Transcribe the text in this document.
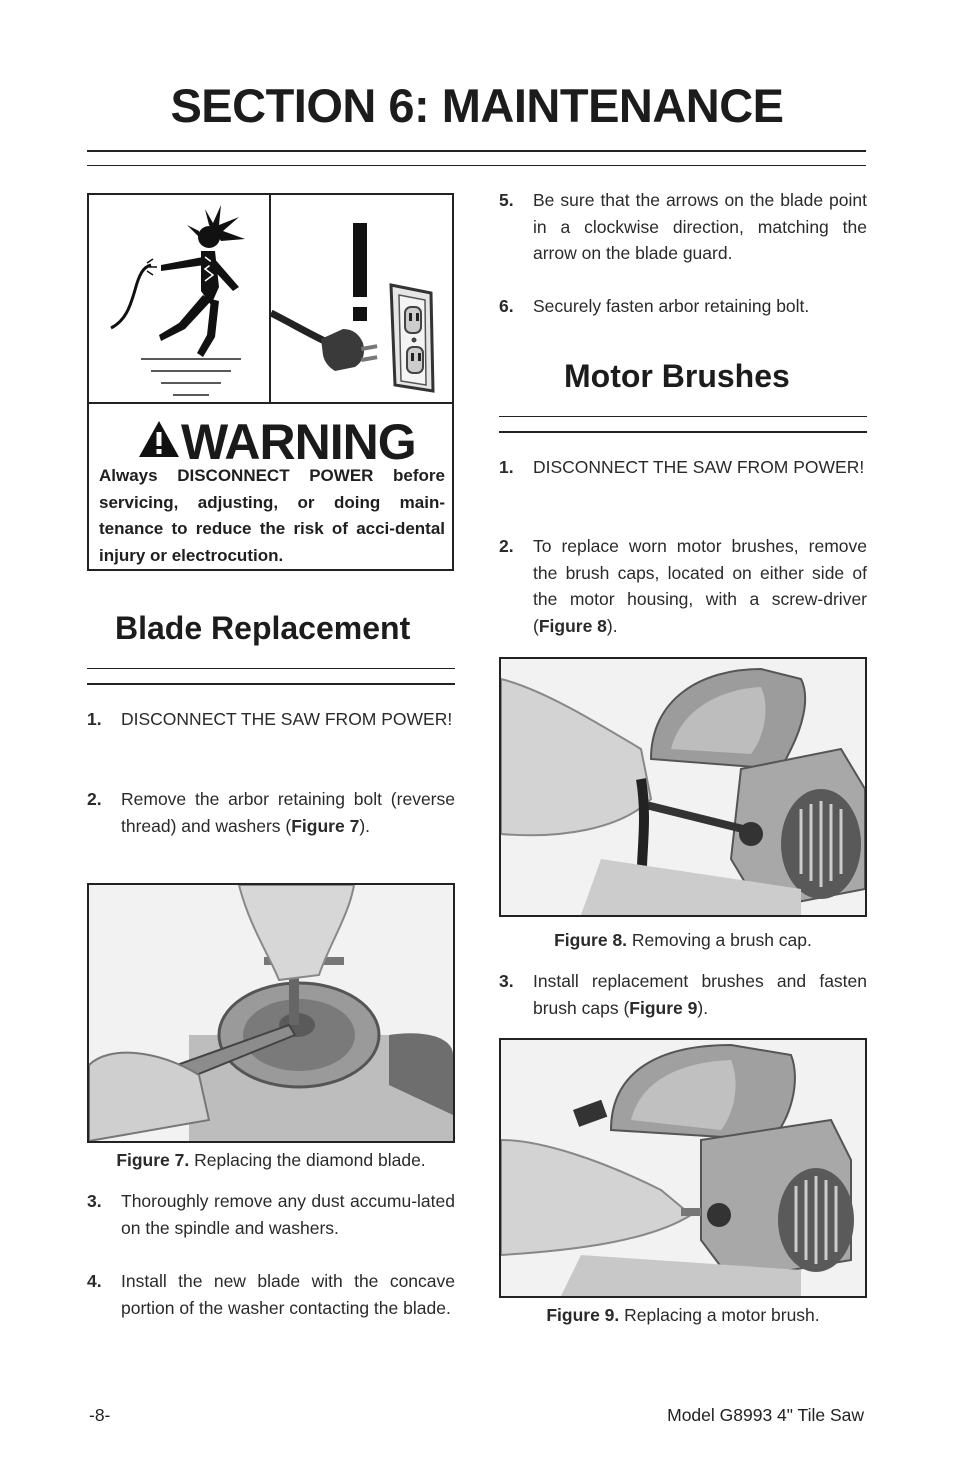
SECTION 6: MAINTENANCE
WARNING
Always DISCONNECT POWER before servicing, adjusting, or doing main-tenance to reduce the risk of acci-dental injury or electrocution.
Blade Replacement
1. DISCONNECT THE SAW FROM POWER!
2. Remove the arbor retaining bolt (reverse thread) and washers (Figure 7).
Figure 7. Replacing the diamond blade.
3. Thoroughly remove any dust accumu-lated on the spindle and washers.
4. Install the new blade with the concave portion of the washer contacting the blade.
5. Be sure that the arrows on the blade point in a clockwise direction, matching the arrow on the blade guard.
6. Securely fasten arbor retaining bolt.
Motor Brushes
1. DISCONNECT THE SAW FROM POWER!
2. To replace worn motor brushes, remove the brush caps, located on either side of the motor housing, with a screw-driver (Figure 8).
Figure 8. Removing a brush cap.
3. Install replacement brushes and fasten brush caps (Figure 9).
Figure 9. Replacing a motor brush.
-8-	Model G8993 4" Tile Saw
